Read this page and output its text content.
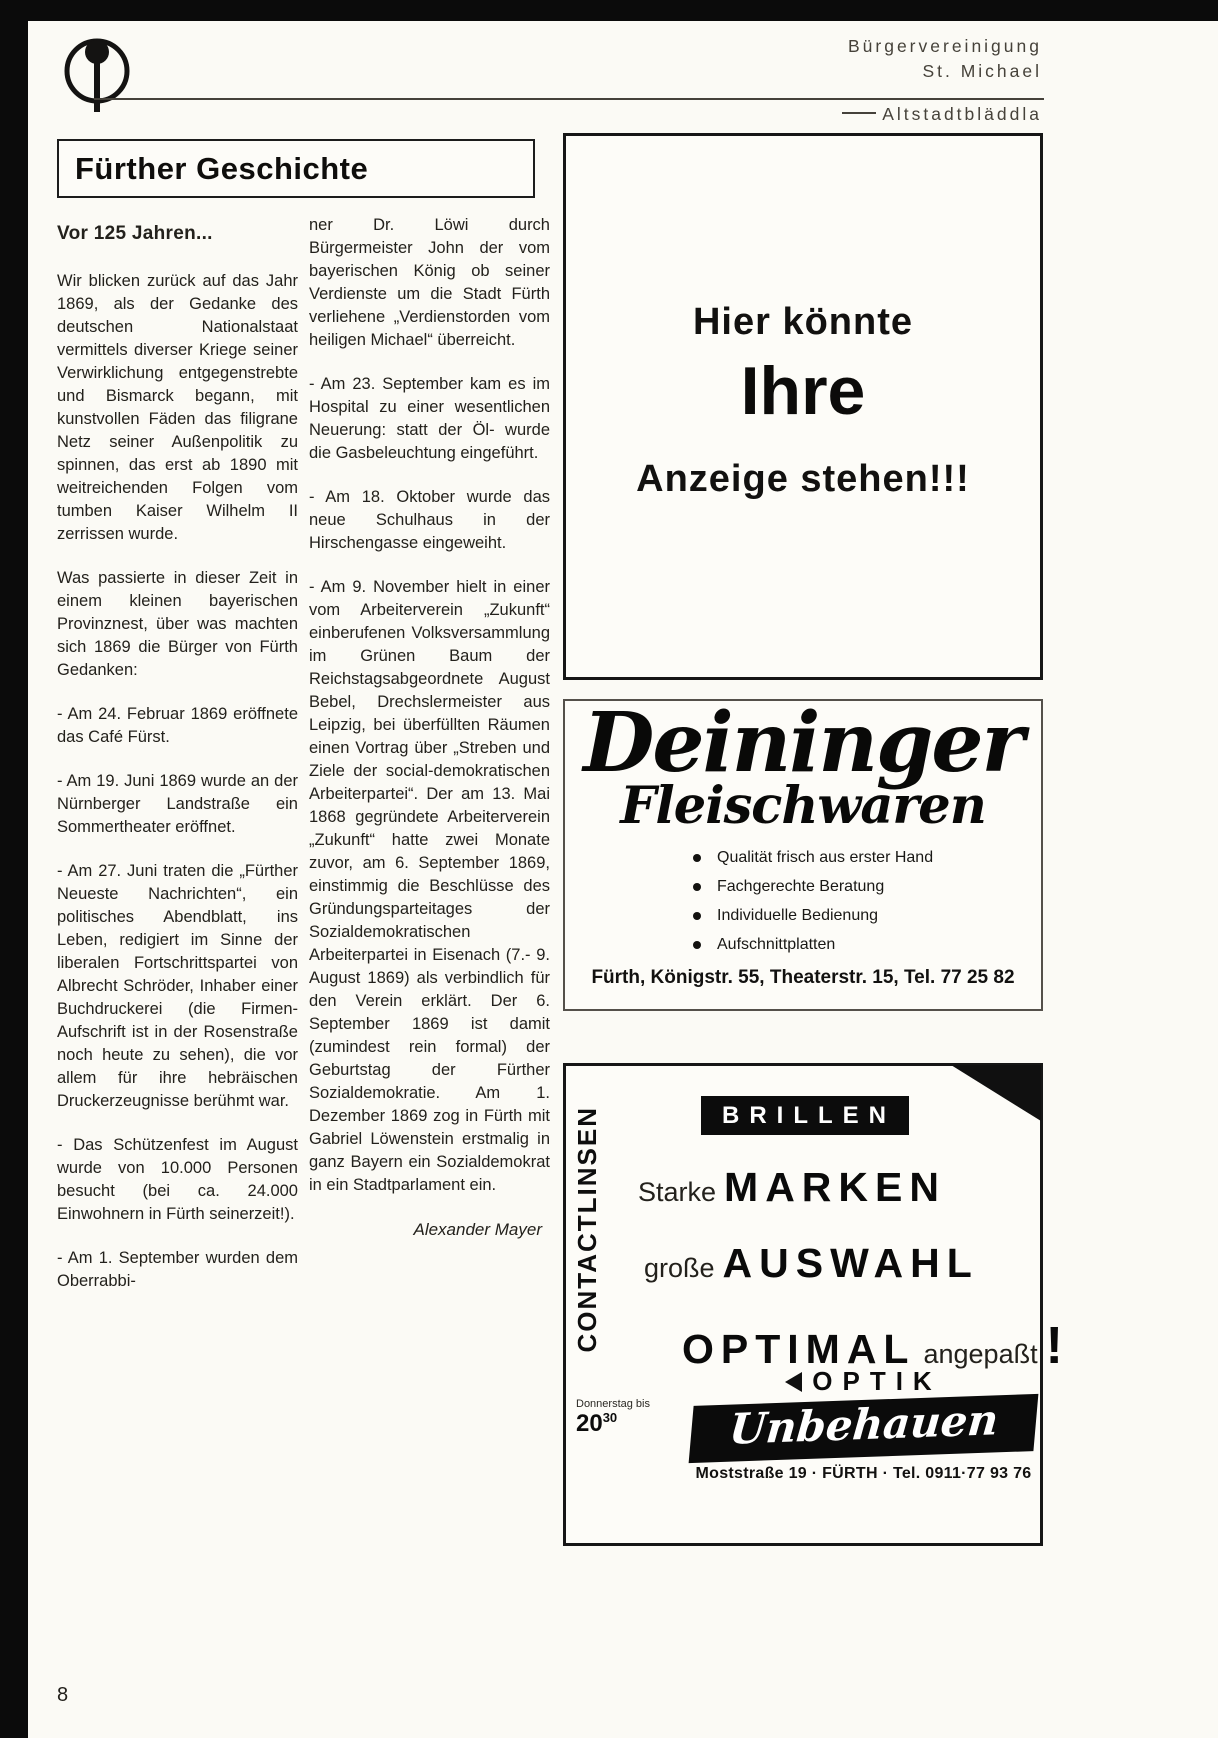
Bürgervereinigung
St. Michael
Altstadtbläddla
Fürther Geschichte
Vor 125 Jahren...

Wir blicken zurück auf das Jahr 1869, als der Gedanke des deutschen Nationalstaat vermittels diverser Kriege seiner Verwirklichung entgegenstrebte und Bismarck begann, mit kunstvollen Fäden das filigrane Netz seiner Außenpolitik zu spinnen, das erst ab 1890 mit weitreichenden Folgen vom tumben Kaiser Wilhelm II zerrissen wurde.

Was passierte in dieser Zeit in einem kleinen bayerischen Provinznest, über was machten sich 1869 die Bürger von Fürth Gedanken:

- Am 24. Februar 1869 eröffnete das Café Fürst.

- Am 19. Juni 1869 wurde an der Nürnberger Landstraße ein Sommertheater eröffnet.

- Am 27. Juni traten die „Fürther Neueste Nachrichten“, ein politisches Abendblatt, ins Leben, redigiert im Sinne der liberalen Fortschrittspartei von Albrecht Schröder, Inhaber einer Buchdruckerei (die Firmen-Aufschrift ist in der Rosenstraße noch heute zu sehen), die vor allem für ihre hebräischen Druckerzeugnisse berühmt war.

- Das Schützenfest im August wurde von 10.000 Personen besucht (bei ca. 24.000 Einwohnern in Fürth seinerzeit!).

- Am 1. September wurden dem Oberrabbi-

ner Dr. Löwi durch Bürgermeister John der vom bayerischen König ob seiner Verdienste um die Stadt Fürth verliehene „Verdienstorden vom heiligen Michael“ überreicht.

- Am 23. September kam es im Hospital zu einer wesentlichen Neuerung: statt der Öl- wurde die Gasbeleuchtung eingeführt.

- Am 18. Oktober wurde das neue Schulhaus in der Hirschengasse eingeweiht.

- Am 9. November hielt in einer vom Arbeiterverein „Zukunft“ einberufenen Volksversammlung im Grünen Baum der Reichstagsabgeordnete August Bebel, Drechslermeister aus Leipzig, bei überfüllten Räumen einen Vortrag über „Streben und Ziele der social-demokratischen Arbeiterpartei“. Der am 13. Mai 1868 gegründete Arbeiterverein „Zukunft“ hatte zwei Monate zuvor, am 6. September 1869, einstimmig die Beschlüsse des Gründungsparteitages der Sozialdemokratischen Arbeiterpartei in Eisenach (7.- 9. August 1869) als verbindlich für den Verein erklärt. Der 6. September 1869 ist damit (zumindest rein formal) der Geburtstag der Fürther Sozialdemokratie. Am 1. Dezember 1869 zog in Fürth mit Gabriel Löwenstein erstmalig in ganz Bayern ein Sozialdemokrat in ein Stadtparlament ein.

Alexander Mayer
Hier könnte
Ihre
Anzeige stehen!!!
Deininger
Fleischwaren
Qualität frisch aus erster Hand
Fachgerechte Beratung
Individuelle Bedienung
Aufschnittplatten
Fürth, Königstr. 55, Theaterstr. 15, Tel. 77 25 82
CONTACTLINSEN	BRILLEN
Starke MARKEN
große AUSWAHL
OPTIMAL angepaßt !
OPTIK
Unbehauen
Moststraße 19 · FÜRTH · Tel. 0911·77 93 76
Donnerstag bis
$20^{30}$
8
